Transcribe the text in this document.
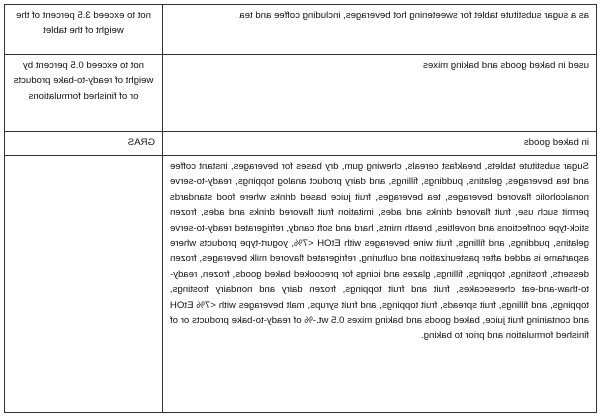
as a sugar substitute tablet for sweetening hot beverages, including coffee and tea	not to exceed 3.5 percent of the weight of the tablet
used in baked goods and baking mixes	not to exceed 0.5 percent by weight of ready-to-bake products or of finished formulations
in baked goods	GRAS
Sugar substitute tablets, breakfast cereals, chewing gum, dry bases for beverages, instant coffee and tea beverages, gelatins, puddings, fillings, and dairy product analog toppings, ready-to-serve nonalcoholic flavored beverages, tea beverages, fruit juice based drinks where food standards permit such use, fruit flavored drinks and ades, imitation fruit flavored drinks and ades, frozen stick-type confections and novelties, breath mints, hard and soft candy, refrigerated ready-to-serve gelatins, puddings, and fillings, fruit wine beverages with EtOH <7%, yogurt-type products where aspartame is added after pasteurization and culturing, refrigerated flavored milk beverages, frozen desserts, frostings, toppings, fillings, glazes and icings for precooked baked goods, frozen, ready-to-thaw-and-eat cheesecakes, fruit and fruit toppings, frozen dairy and nondairy frostings, toppings, and fillings, fruit spreads, fruit toppings, and fruit syrups, malt beverages with <7% EtOH and containing fruit juice, baked goods and baking mixes 0.5 wt.-% of ready-to-bake products or of finished formulation and prior to baking.	
